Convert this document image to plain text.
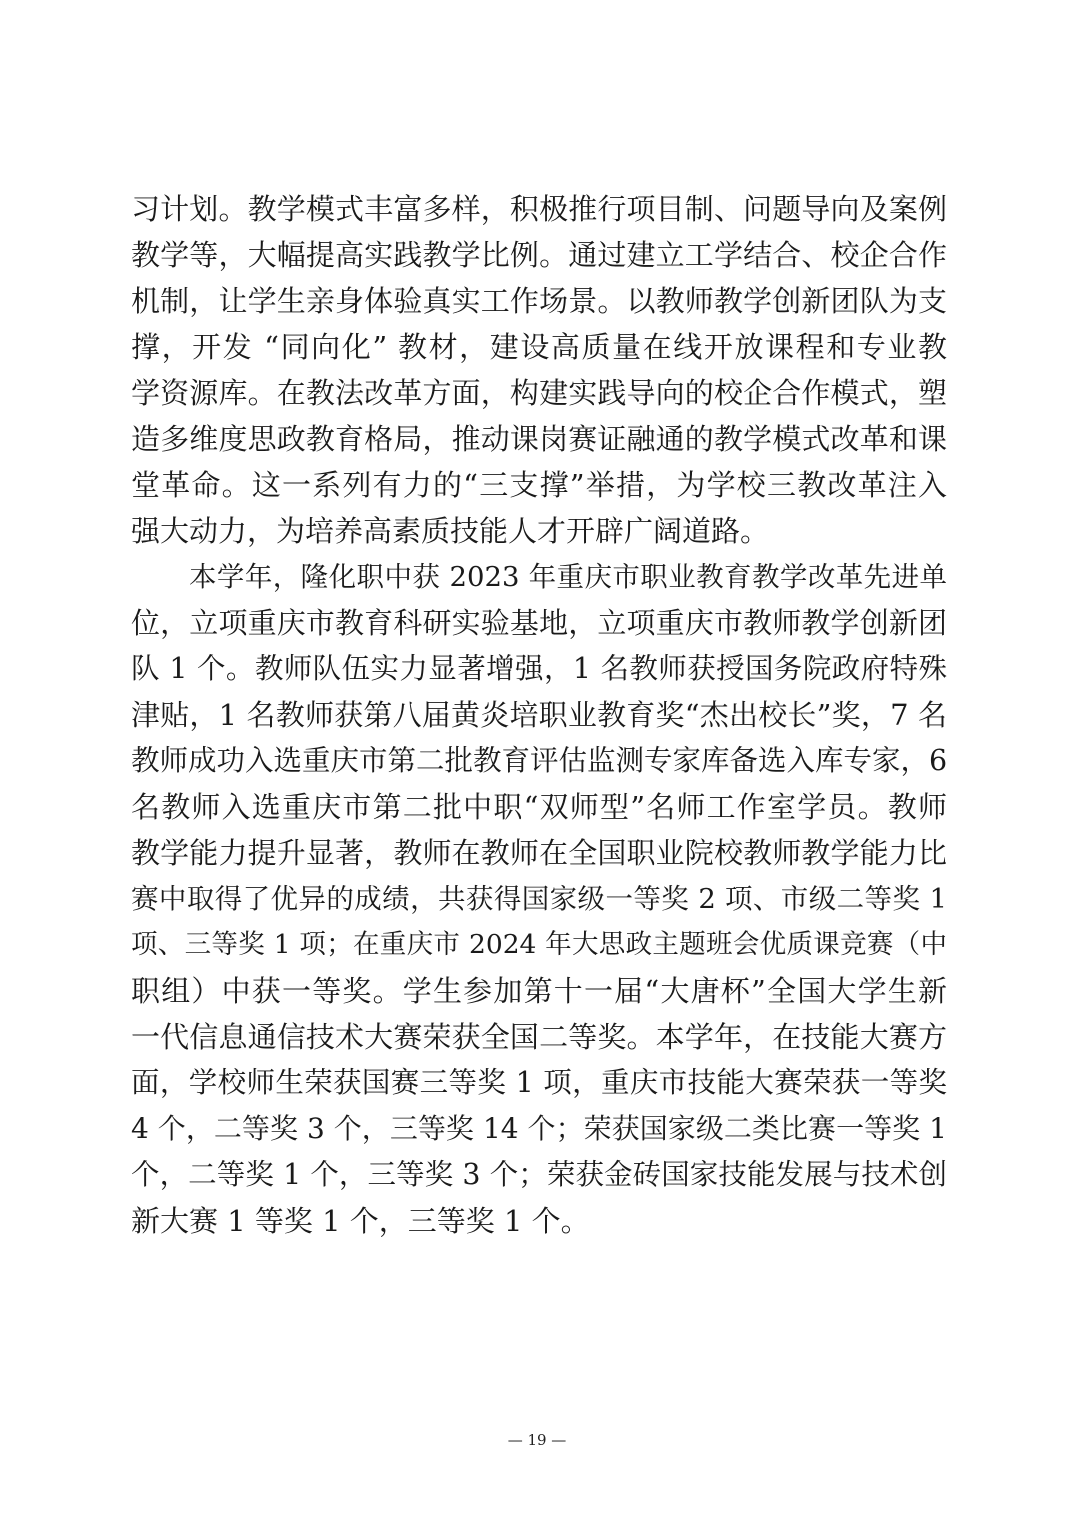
习计划。教学模式丰富多样，积极推行项目制、问题导向及案例
教学等，大幅提高实践教学比例。通过建立工学结合、校企合作
机制，让学生亲身体验真实工作场景。以教师教学创新团队为支
撑，开发 “同向化” 教材，建设高质量在线开放课程和专业教
学资源库。在教法改革方面，构建实践导向的校企合作模式，塑
造多维度思政教育格局，推动课岗赛证融通的教学模式改革和课
堂革命。这一系列有力的“三支撑”举措，为学校三教改革注入
强大动力，为培养高素质技能人才开辟广阔道路。
本学年，隆化职中获 2023 年重庆市职业教育教学改革先进单
位，立项重庆市教育科研实验基地，立项重庆市教师教学创新团
队 1 个。教师队伍实力显著增强，1 名教师获授国务院政府特殊
津贴，1 名教师获第八届黄炎培职业教育奖“杰出校长”奖，7 名
教师成功入选重庆市第二批教育评估监测专家库备选入库专家，6
名教师入选重庆市第二批中职“双师型”名师工作室学员。教师
教学能力提升显著，教师在教师在全国职业院校教师教学能力比
赛中取得了优异的成绩，共获得国家级一等奖 2 项、市级二等奖 1
项、三等奖 1 项；在重庆市 2024 年大思政主题班会优质课竞赛（中
职组）中获一等奖。学生参加第十一届“大唐杯”全国大学生新
一代信息通信技术大赛荣获全国二等奖。本学年，在技能大赛方
面，学校师生荣获国赛三等奖 1 项，重庆市技能大赛荣获一等奖
4 个，二等奖 3 个，三等奖 14 个；荣获国家级二类比赛一等奖 1
个，二等奖 1 个，三等奖 3 个；荣获金砖国家技能发展与技术创
新大赛 1 等奖 1 个，三等奖 1 个。
— 19 —
